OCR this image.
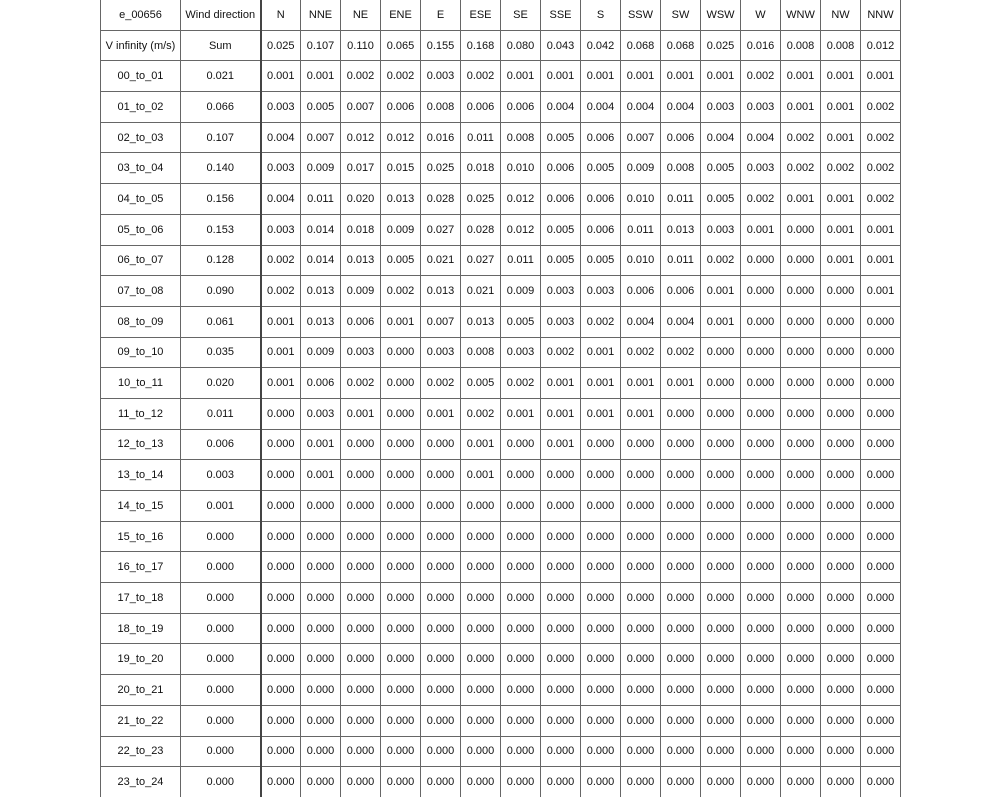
e_00656	Wind direction	N	NNE	NE	ENE	E	ESE	SE	SSE	S	SSW	SW	WSW	W	WNW	NW	NNW
V infinity (m/s)	Sum	0.025	0.107	0.110	0.065	0.155	0.168	0.080	0.043	0.042	0.068	0.068	0.025	0.016	0.008	0.008	0.012
00_to_01	0.021	0.001	0.001	0.002	0.002	0.003	0.002	0.001	0.001	0.001	0.001	0.001	0.001	0.002	0.001	0.001	0.001
01_to_02	0.066	0.003	0.005	0.007	0.006	0.008	0.006	0.006	0.004	0.004	0.004	0.004	0.003	0.003	0.001	0.001	0.002
02_to_03	0.107	0.004	0.007	0.012	0.012	0.016	0.011	0.008	0.005	0.006	0.007	0.006	0.004	0.004	0.002	0.001	0.002
03_to_04	0.140	0.003	0.009	0.017	0.015	0.025	0.018	0.010	0.006	0.005	0.009	0.008	0.005	0.003	0.002	0.002	0.002
04_to_05	0.156	0.004	0.011	0.020	0.013	0.028	0.025	0.012	0.006	0.006	0.010	0.011	0.005	0.002	0.001	0.001	0.002
05_to_06	0.153	0.003	0.014	0.018	0.009	0.027	0.028	0.012	0.005	0.006	0.011	0.013	0.003	0.001	0.000	0.001	0.001
06_to_07	0.128	0.002	0.014	0.013	0.005	0.021	0.027	0.011	0.005	0.005	0.010	0.011	0.002	0.000	0.000	0.001	0.001
07_to_08	0.090	0.002	0.013	0.009	0.002	0.013	0.021	0.009	0.003	0.003	0.006	0.006	0.001	0.000	0.000	0.000	0.001
08_to_09	0.061	0.001	0.013	0.006	0.001	0.007	0.013	0.005	0.003	0.002	0.004	0.004	0.001	0.000	0.000	0.000	0.000
09_to_10	0.035	0.001	0.009	0.003	0.000	0.003	0.008	0.003	0.002	0.001	0.002	0.002	0.000	0.000	0.000	0.000	0.000
10_to_11	0.020	0.001	0.006	0.002	0.000	0.002	0.005	0.002	0.001	0.001	0.001	0.001	0.000	0.000	0.000	0.000	0.000
11_to_12	0.011	0.000	0.003	0.001	0.000	0.001	0.002	0.001	0.001	0.001	0.001	0.000	0.000	0.000	0.000	0.000	0.000
12_to_13	0.006	0.000	0.001	0.000	0.000	0.000	0.001	0.000	0.001	0.000	0.000	0.000	0.000	0.000	0.000	0.000	0.000
13_to_14	0.003	0.000	0.001	0.000	0.000	0.000	0.001	0.000	0.000	0.000	0.000	0.000	0.000	0.000	0.000	0.000	0.000
14_to_15	0.001	0.000	0.000	0.000	0.000	0.000	0.000	0.000	0.000	0.000	0.000	0.000	0.000	0.000	0.000	0.000	0.000
15_to_16	0.000	0.000	0.000	0.000	0.000	0.000	0.000	0.000	0.000	0.000	0.000	0.000	0.000	0.000	0.000	0.000	0.000
16_to_17	0.000	0.000	0.000	0.000	0.000	0.000	0.000	0.000	0.000	0.000	0.000	0.000	0.000	0.000	0.000	0.000	0.000
17_to_18	0.000	0.000	0.000	0.000	0.000	0.000	0.000	0.000	0.000	0.000	0.000	0.000	0.000	0.000	0.000	0.000	0.000
18_to_19	0.000	0.000	0.000	0.000	0.000	0.000	0.000	0.000	0.000	0.000	0.000	0.000	0.000	0.000	0.000	0.000	0.000
19_to_20	0.000	0.000	0.000	0.000	0.000	0.000	0.000	0.000	0.000	0.000	0.000	0.000	0.000	0.000	0.000	0.000	0.000
20_to_21	0.000	0.000	0.000	0.000	0.000	0.000	0.000	0.000	0.000	0.000	0.000	0.000	0.000	0.000	0.000	0.000	0.000
21_to_22	0.000	0.000	0.000	0.000	0.000	0.000	0.000	0.000	0.000	0.000	0.000	0.000	0.000	0.000	0.000	0.000	0.000
22_to_23	0.000	0.000	0.000	0.000	0.000	0.000	0.000	0.000	0.000	0.000	0.000	0.000	0.000	0.000	0.000	0.000	0.000
23_to_24	0.000	0.000	0.000	0.000	0.000	0.000	0.000	0.000	0.000	0.000	0.000	0.000	0.000	0.000	0.000	0.000	0.000
